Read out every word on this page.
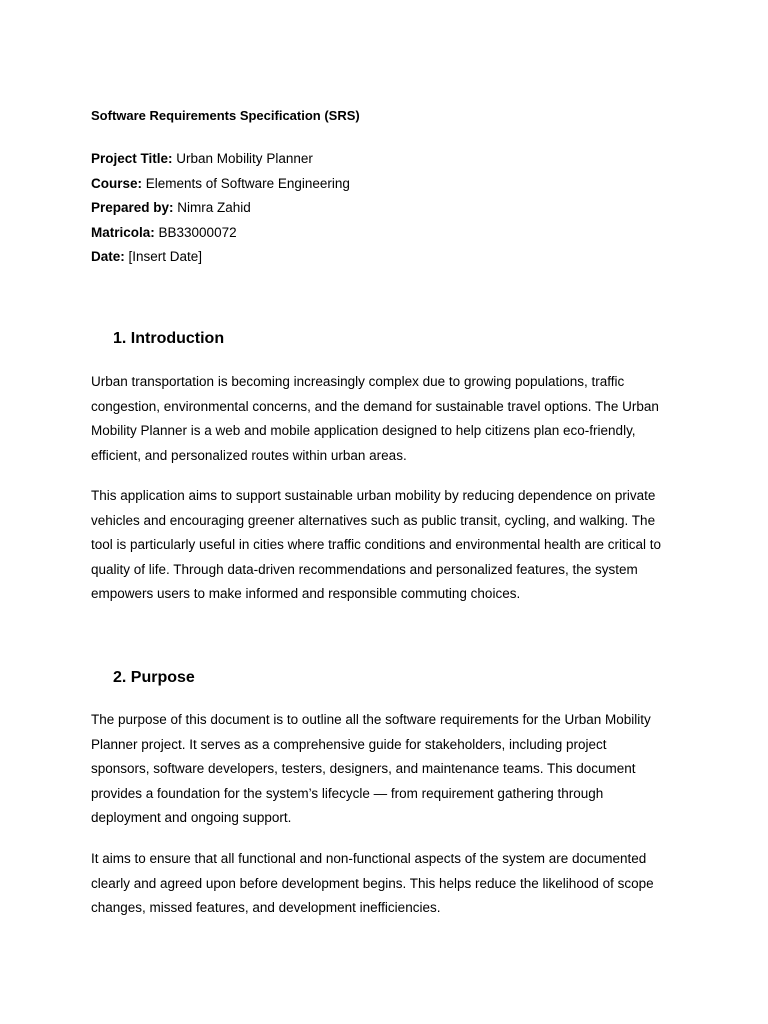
Software Requirements Specification (SRS)
Project Title: Urban Mobility Planner
Course: Elements of Software Engineering
Prepared by: Nimra Zahid
Matricola: BB33000072
Date: [Insert Date]
1. Introduction
Urban transportation is becoming increasingly complex due to growing populations, traffic
congestion, environmental concerns, and the demand for sustainable travel options. The Urban
Mobility Planner is a web and mobile application designed to help citizens plan eco-friendly,
efficient, and personalized routes within urban areas.
This application aims to support sustainable urban mobility by reducing dependence on private
vehicles and encouraging greener alternatives such as public transit, cycling, and walking. The
tool is particularly useful in cities where traffic conditions and environmental health are critical to
quality of life. Through data-driven recommendations and personalized features, the system
empowers users to make informed and responsible commuting choices.
2. Purpose
The purpose of this document is to outline all the software requirements for the Urban Mobility
Planner project. It serves as a comprehensive guide for stakeholders, including project
sponsors, software developers, testers, designers, and maintenance teams. This document
provides a foundation for the system’s lifecycle — from requirement gathering through
deployment and ongoing support.
It aims to ensure that all functional and non-functional aspects of the system are documented
clearly and agreed upon before development begins. This helps reduce the likelihood of scope
changes, missed features, and development inefficiencies.
